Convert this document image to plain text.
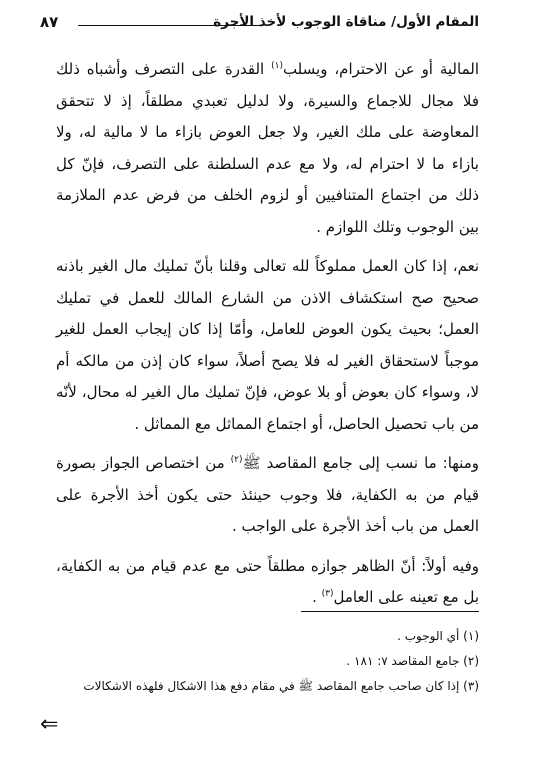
٨٧	المقام الأول/ مناقاة الوجوب لأخذ الأجرة

المالية أو عن الاحترام، ويسلب$^{(١)}$ القدرة على التصرف وأشباه ذلك فلا مجال للاجماع والسيرة، ولا لدليل تعبدي مطلقاً، إذ لا تتحقق المعاوضة على ملك الغير، ولا جعل العوض بازاء ما لا مالية له، ولا بازاء ما لا احترام له، ولا مع عدم السلطنة على التصرف، فإنّ كل ذلك من اجتماع المتنافيين أو لزوم الخلف من فرض عدم الملازمة بين الوجوب وتلك اللوازم .

نعم، إذا كان العمل مملوكاً لله تعالى وقلنا بأنّ تمليك مال الغير باذنه صحيح صح استكشاف الاذن من الشارع المالك للعمل في تمليك العمل؛ بحيث يكون العوض للعامل، وأمّا إذا كان إيجاب العمل للغير موجباً لاستحقاق الغير له فلا يصح أصلاً، سواء كان إذن من مالكه أم لا، وسواء كان بعوض أو بلا عوض، فإنّ تمليك مال الغير له محال، لأنّه من باب تحصيل الحاصل، أو اجتماع المماثل مع المماثل .

ومنها: ما نسب إلى جامع المقاصد ﷺ$^{(٢)}$ من اختصاص الجواز بصورة قيام من به الكفاية، فلا وجوب حينئذ حتى يكون أخذ الأجرة على العمل من باب أخذ الأجرة على الواجب .

وفيه أولاً: أنّ الظاهر جوازه مطلقاً حتى مع عدم قيام من به الكفاية، بل مع تعينه على العامل$^{(٣)}$ .

(١) أي الوجوب .
(٢) جامع المقاصد ٧: ١٨١ .
(٣) إذا كان صاحب جامع المقاصد ﷺ في مقام دفع هذا الاشكال فلهذه الاشكالات
⇐
